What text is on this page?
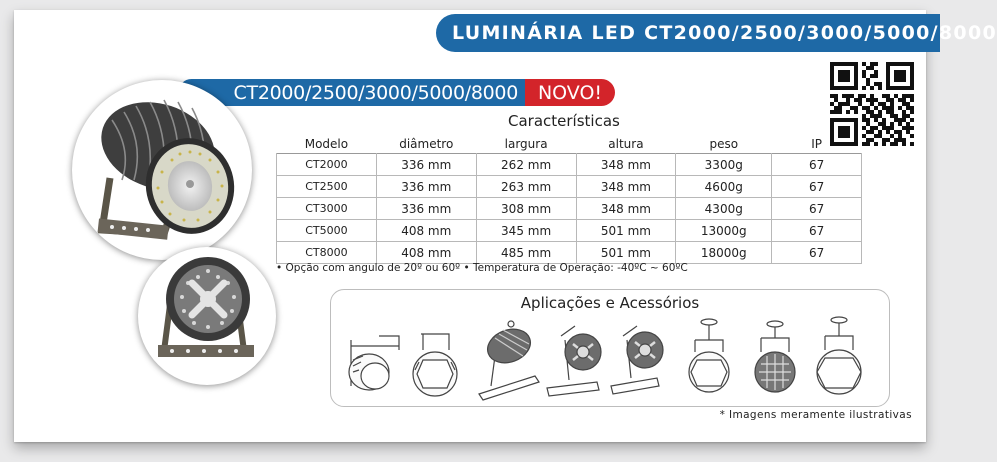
LUMINÁRIA LED CT2000/2500/3000/5000/8000
CT2000/2500/3000/5000/8000 NOVO!
Características
Modelo	diâmetro	largura	altura	peso	IP
CT2000	336 mm	262 mm	348 mm	3300g	67
CT2500	336 mm	263 mm	348 mm	4600g	67
CT3000	336 mm	308 mm	348 mm	4300g	67
CT5000	408 mm	345 mm	501 mm	13000g	67
CT8000	408 mm	485 mm	501 mm	18000g	67
• Opção com angulo de 20º ou 60º • Temperatura de Operação: -40ºC ~ 60ºC
Aplicações e Acessórios
* Imagens meramente ilustrativas
